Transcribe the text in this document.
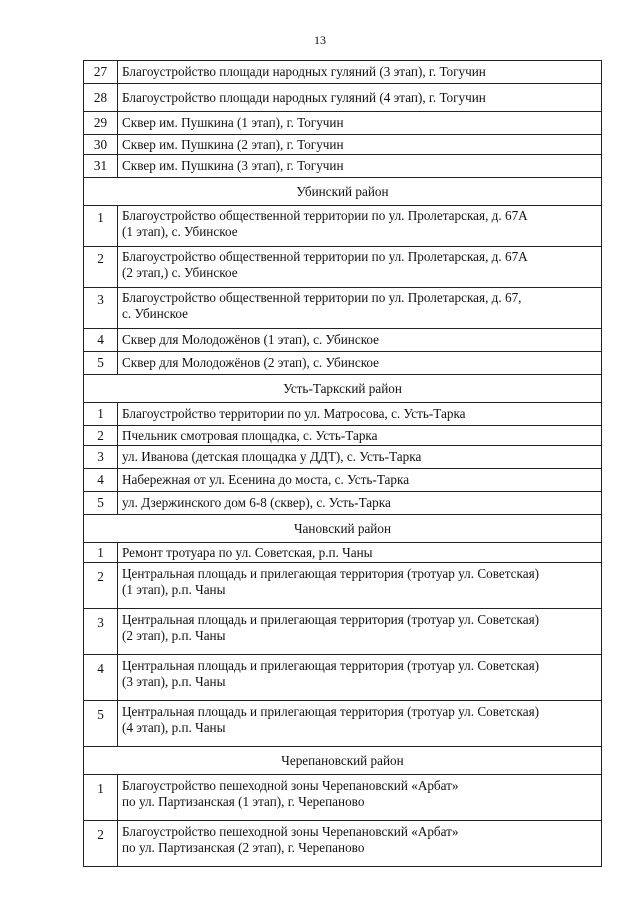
13
27	Благоустройство площади народных гуляний (3 этап), г. Тогучин
28	Благоустройство площади народных гуляний (4 этап), г. Тогучин
29	Сквер им. Пушкина (1 этап), г. Тогучин
30	Сквер им. Пушкина (2 этап), г. Тогучин
31	Сквер им. Пушкина (3 этап), г. Тогучин
Убинский район	
1	Благоустройство общественной территории по ул. Пролетарская, д. 67А
(1 этап), с. Убинское

2	Благоустройство общественной территории по ул. Пролетарская, д. 67А
(2 этап,) с. Убинское

3	Благоустройство общественной территории по ул. Пролетарская, д. 67,
с. Убинское

4	Сквер для Молодожёнов (1 этап), с. Убинское
5	Сквер для Молодожёнов (2 этап), с. Убинское
Усть-Таркский район	
1	Благоустройство территории по ул. Матросова, с. Усть-Тарка
2	Пчельник смотровая площадка, с. Усть-Тарка
3	ул. Иванова (детская площадка у ДДТ), с. Усть-Тарка
4	Набережная от ул. Есенина до моста, с. Усть-Тарка
5	ул. Дзержинского дом 6-8 (сквер), с. Усть-Тарка
Чановский район	
1	Ремонт тротуара по ул. Советская, р.п. Чаны
2	Центральная площадь и прилегающая территория (тротуар ул. Советская)
(1 этап), р.п. Чаны

3	Центральная площадь и прилегающая территория (тротуар ул. Советская)
(2 этап), р.п. Чаны

4	Центральная площадь и прилегающая территория (тротуар ул. Советская)
(3 этап), р.п. Чаны

5	Центральная площадь и прилегающая территория (тротуар ул. Советская)
(4 этап), р.п. Чаны

Черепановский район	
1	Благоустройство пешеходной зоны Черепановский «Арбат»
по ул. Партизанская (1 этап), г. Черепаново

2	Благоустройство пешеходной зоны Черепановский «Арбат»
по ул. Партизанская (2 этап), г. Черепаново
